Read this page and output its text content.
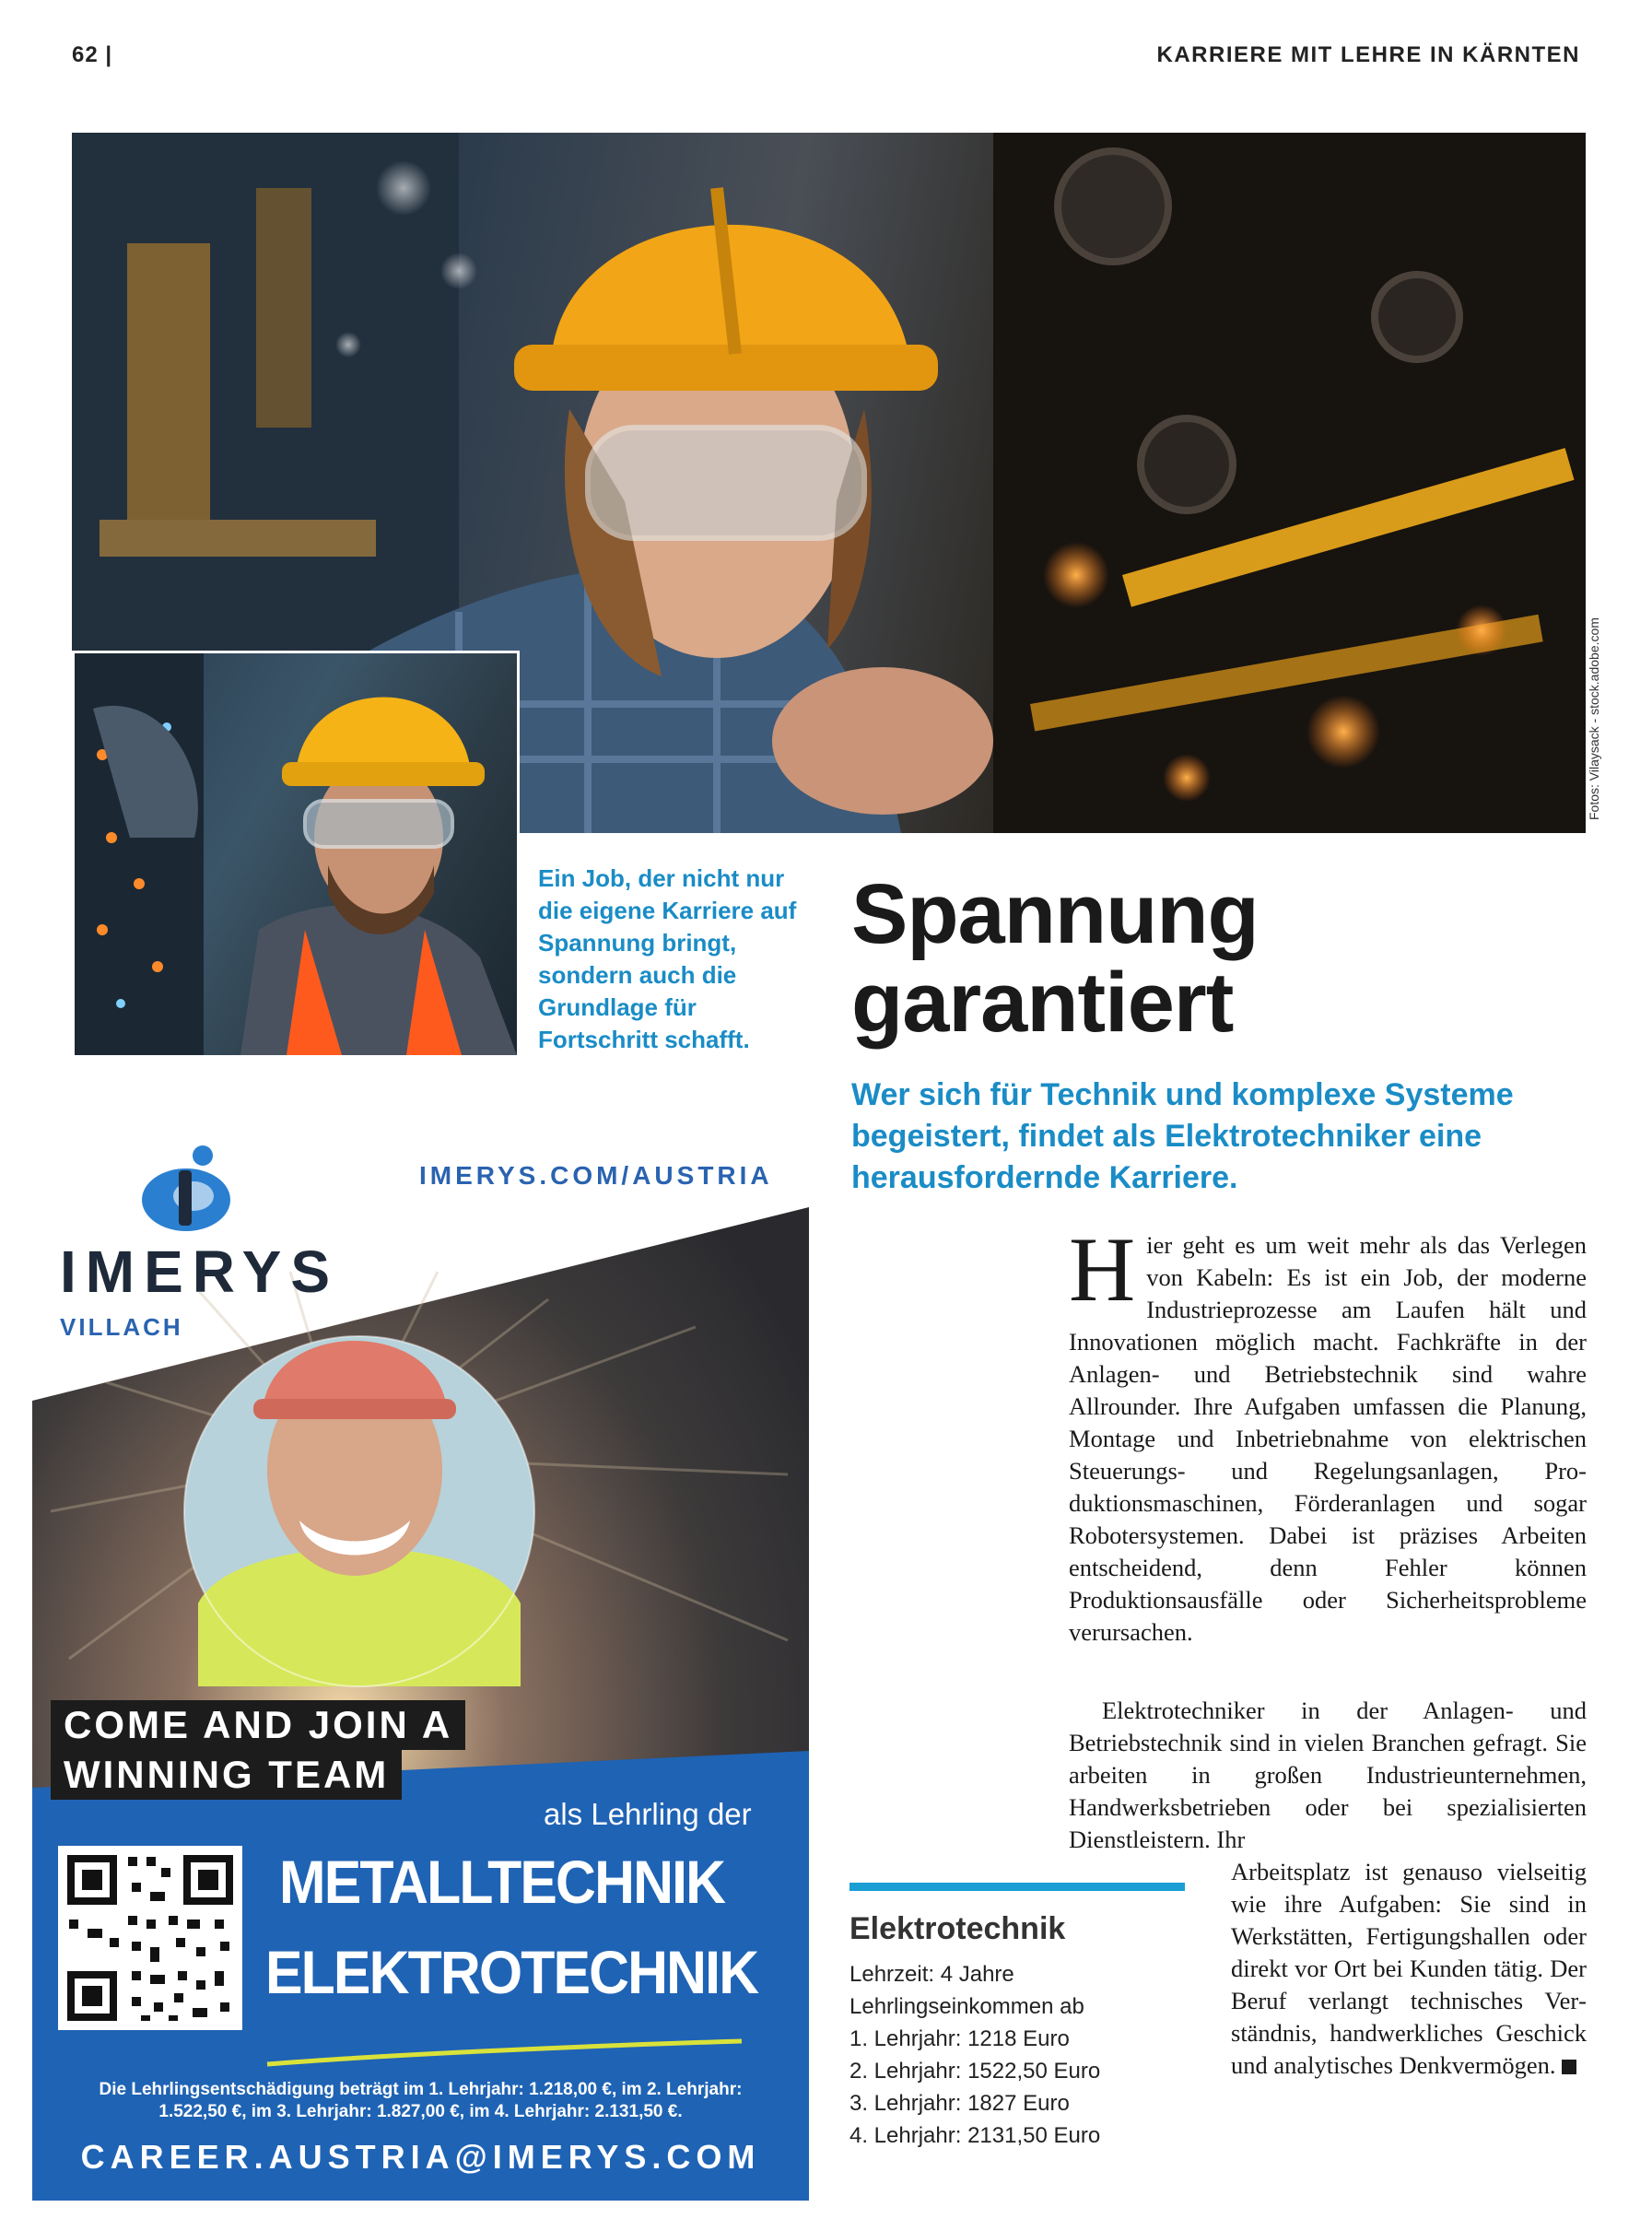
62 |	KARRIERE MIT LEHRE IN KÄRNTEN
Fotos: Vilaysack - stock.adobe.com
Ein Job, der nicht nur die eigene Karriere auf Spannung bringt, sondern auch die Grundlage für Fortschritt schafft.
Spannung
garantiert
Wer sich für Technik und komplexe Systeme begeistert, findet als Elektrotechniker eine herausfordernde Karriere.

Hier geht es um weit mehr als das Verlegen von Kabeln: Es ist ein Job, der moderne Industrieprozesse am Laufen hält und Innovationen möglich macht. Fachkräfte in der Anlagen- und Betriebstechnik sind wahre Allrounder. Ihre Aufgaben umfassen die Planung, Montage und Inbetriebnahme von elektrischen Steuerungs- und Regelungsanlagen, Produktionsmaschinen, Förderanlagen und sogar Robotersystemen. Dabei ist präzises Arbeiten entscheidend, denn Fehler können Produktionsausfälle oder Sicherheitsprobleme verursachen.

Elektrotechniker in der Anlagen- und Betriebstechnik sind in vielen Branchen gefragt. Sie arbeiten in großen Industrieunternehmen, Handwerksbetrieben oder bei spezialisierten Dienstleistern. Ihr

Arbeitsplatz ist genauso vielseitig wie ihre Aufgaben: Sie sind in Werkstätten, Fertigungshallen oder direkt vor Ort bei Kunden tätig. Der Beruf verlangt technisches Verständnis, handwerkliches Geschick und analytisches Denkvermögen.

Elektrotechnik
Lehrzeit: 4 Jahre
Lehrlingseinkommen ab
1. Lehrjahr: 1218 Euro
2. Lehrjahr: 1522,50 Euro
3. Lehrjahr: 1827 Euro
4. Lehrjahr: 2131,50 Euro
IMERYS
VILLACH
IMERYS.COM/AUSTRIA
COME AND JOIN A
WINNING TEAM
als Lehrling der
METALLTECHNIK
ELEKTROTECHNIK
Die Lehrlingsentschädigung beträgt im 1. Lehrjahr: 1.218,00 €, im 2. Lehrjahr:
1.522,50 €, im 3. Lehrjahr: 1.827,00 €, im 4. Lehrjahr: 2.131,50 €.
CAREER.AUSTRIA@IMERYS.COM
